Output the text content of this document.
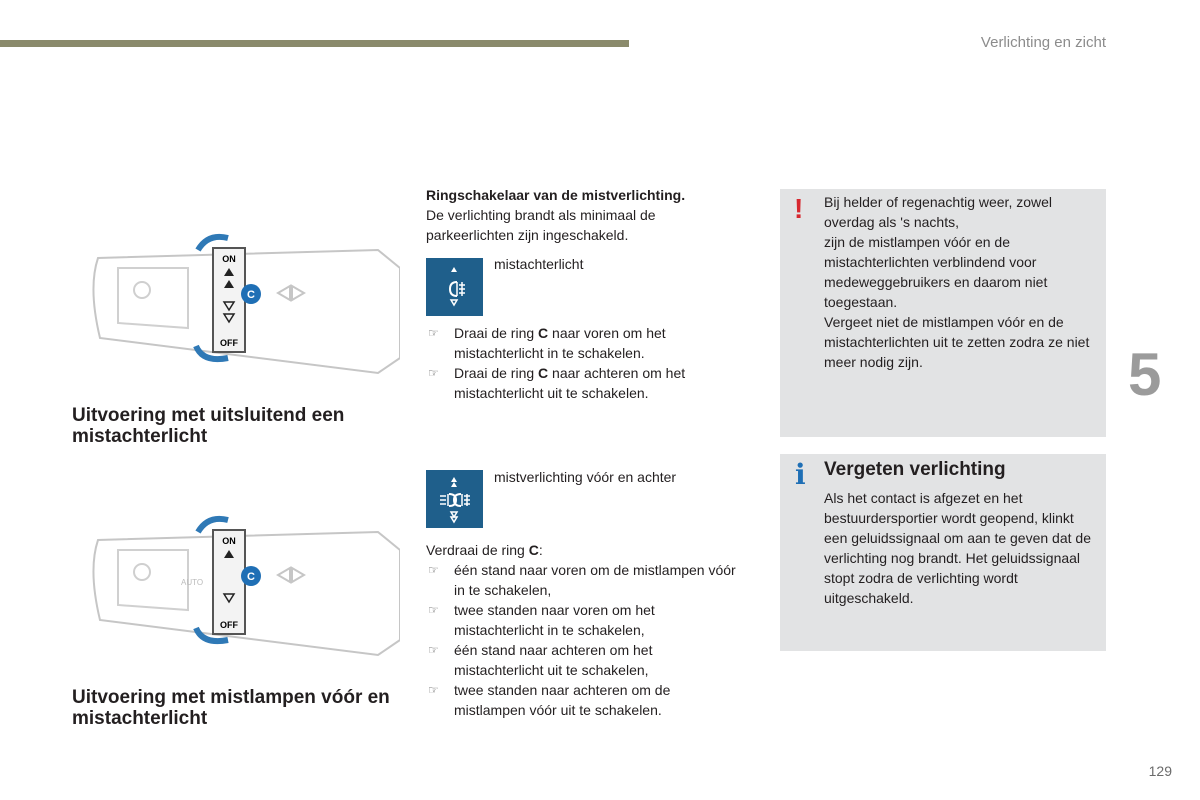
Verlichting en zicht
5
129
ON
OFF
C
Uitvoering met uitsluitend een mistachterlicht
AUTO
ON
OFF
C
Uitvoering met mistlampen vóór en mistachterlicht
Ringschakelaar van de mistverlichting.
De verlichting brandt als minimaal de parkeerlichten zijn ingeschakeld.
mistachterlicht
☞ Draai de ring C naar voren om het mistachterlicht in te schakelen.
☞ Draai de ring C naar achteren om het mistachterlicht uit te schakelen.
mistverlichting vóór en achter
Verdraai de ring C:
☞ één stand naar voren om de mistlampen vóór in te schakelen,
☞ twee standen naar voren om het mistachterlicht in te schakelen,
☞ één stand naar achteren om het mistachterlicht uit te schakelen,
☞ twee standen naar achteren om de mistlampen vóór uit te schakelen.
! Bij helder of regenachtig weer, zowel overdag als 's nachts,
zijn de mistlampen vóór en de mistachterlichten verblindend voor medeweggebruikers en daarom niet toegestaan.
Vergeet niet de mistlampen vóór en de mistachterlichten uit te zetten zodra ze niet meer nodig zijn.
i Vergeten verlichting
Als het contact is afgezet en het bestuurdersportier wordt geopend, klinkt een geluidssignaal om aan te geven dat de verlichting nog brandt. Het geluidssignaal stopt zodra de verlichting wordt uitgeschakeld.
